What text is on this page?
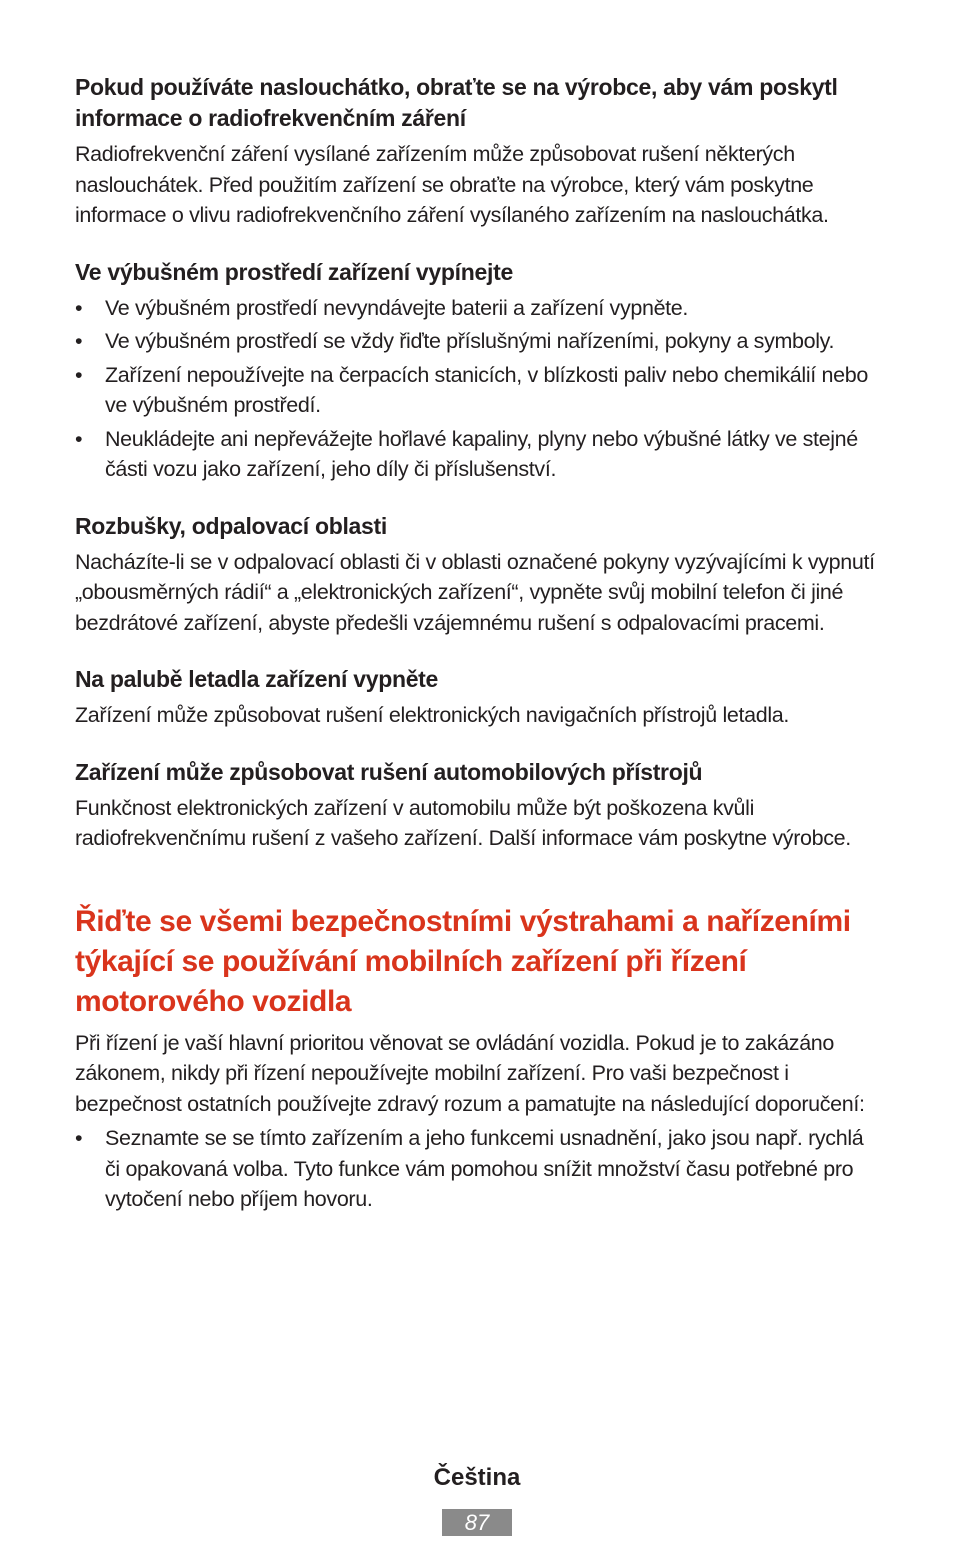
Pokud používáte naslouchátko, obraťte se na výrobce, aby vám poskytl informace o radiofrekvenčním záření

Radiofrekvenční záření vysílané zařízením může způsobovat rušení některých naslouchátek. Před použitím zařízení se obraťte na výrobce, který vám poskytne informace o vlivu radiofrekvenčního záření vysílaného zařízením na naslouchátka.

Ve výbušném prostředí zařízení vypínejte
• Ve výbušném prostředí nevyndávejte baterii a zařízení vypněte.
• Ve výbušném prostředí se vždy řiďte příslušnými nařízeními, pokyny a symboly.
• Zařízení nepoužívejte na čerpacích stanicích, v blízkosti paliv nebo chemikálií nebo ve výbušném prostředí.
• Neukládejte ani nepřevážejte hořlavé kapaliny, plyny nebo výbušné látky ve stejné části vozu jako zařízení, jeho díly či příslušenství.
Rozbušky, odpalovací oblasti

Nacházíte-li se v odpalovací oblasti či v oblasti označené pokyny vyzývajícími k vypnutí „obousměrných rádií“ a „elektronických zařízení“, vypněte svůj mobilní telefon či jiné bezdrátové zařízení, abyste předešli vzájemnému rušení s odpalovacími pracemi.

Na palubě letadla zařízení vypněte

Zařízení může způsobovat rušení elektronických navigačních přístrojů letadla.

Zařízení může způsobovat rušení automobilových přístrojů

Funkčnost elektronických zařízení v automobilu může být poškozena kvůli radiofrekvenčnímu rušení z vašeho zařízení. Další informace vám poskytne výrobce.

Řiďte se všemi bezpečnostními výstrahami a nařízeními týkající se používání mobilních zařízení při řízení motorového vozidla

Při řízení je vaší hlavní prioritou věnovat se ovládání vozidla. Pokud je to zakázáno zákonem, nikdy při řízení nepoužívejte mobilní zařízení. Pro vaši bezpečnost i bezpečnost ostatních používejte zdravý rozum a pamatujte na následující doporučení:

• Seznamte se se tímto zařízením a jeho funkcemi usnadnění, jako jsou např. rychlá či opakovaná volba. Tyto funkce vám pomohou snížit množství času potřebné pro vytočení nebo příjem hovoru.
Čeština
87
